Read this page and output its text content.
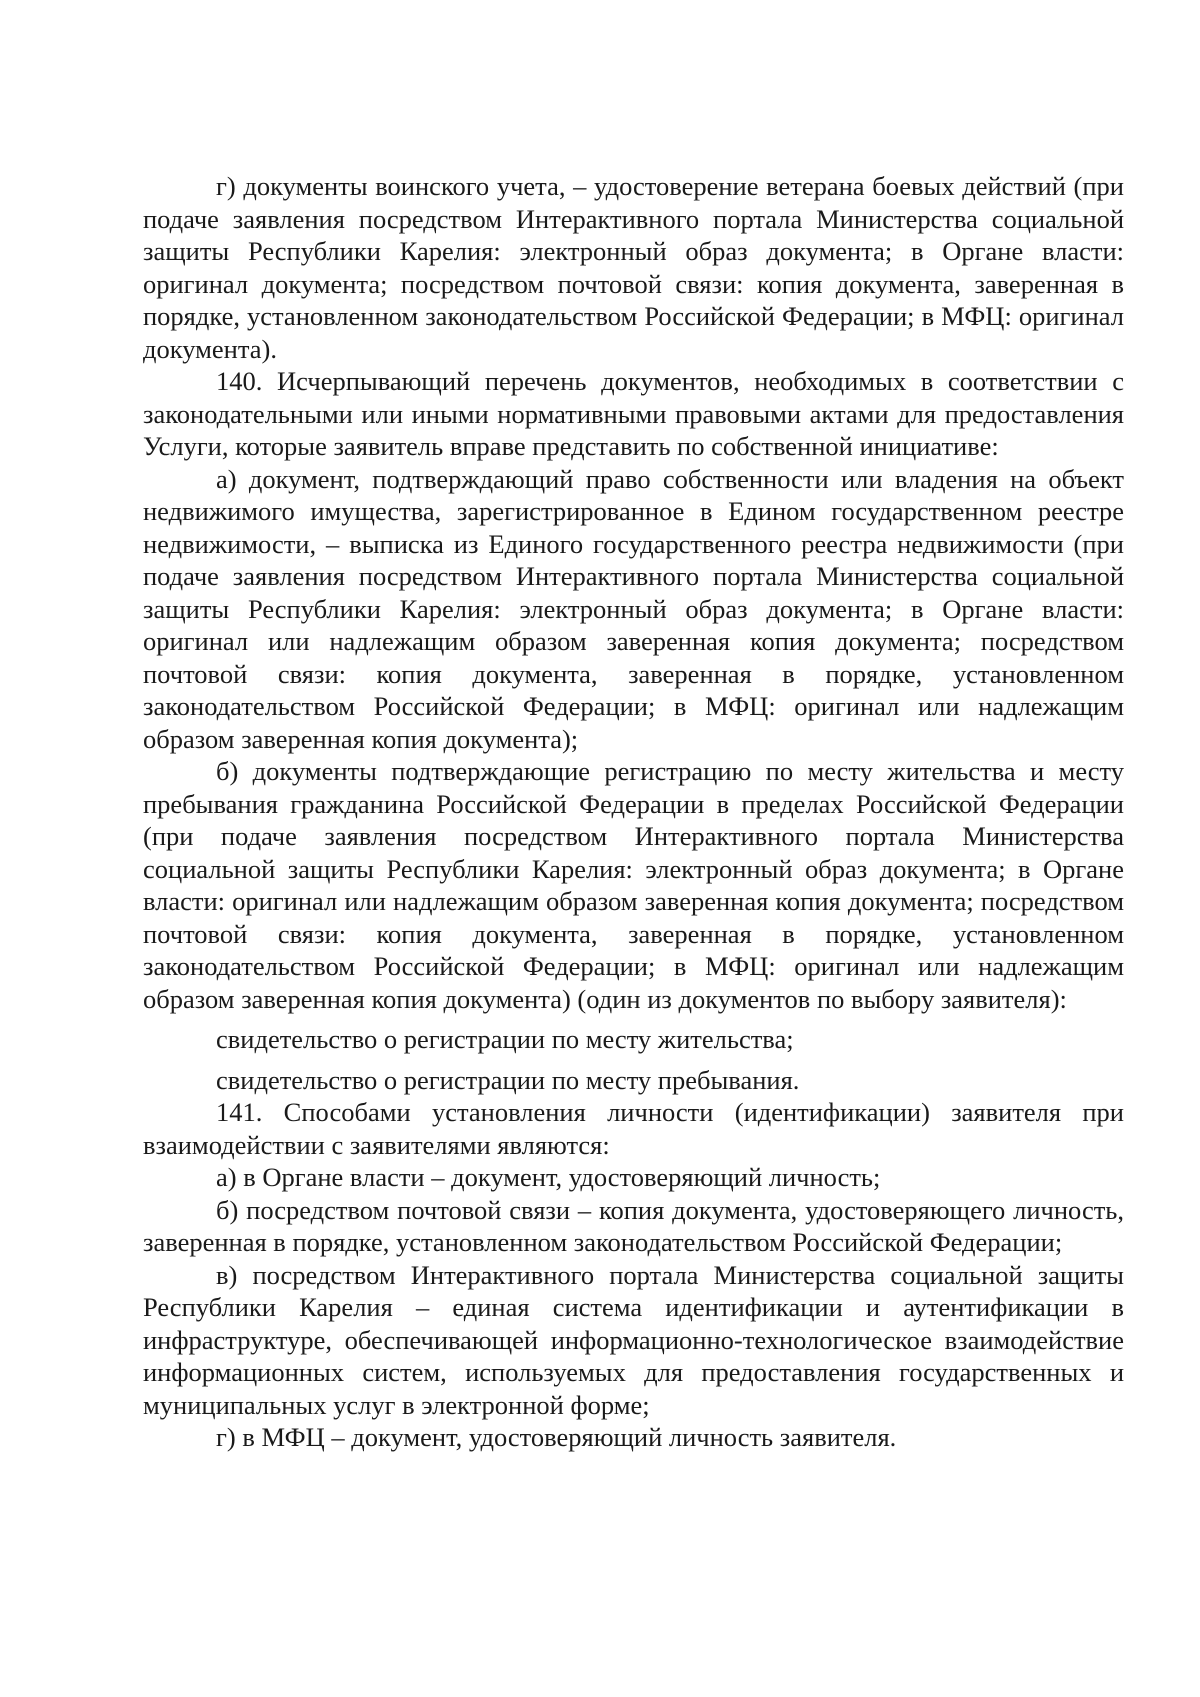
г) документы воинского учета, – удостоверение ветерана боевых действий (при подаче заявления посредством Интерактивного портала Министерства социальной защиты Республики Карелия: электронный образ документа; в Органе власти: оригинал документа; посредством почтовой связи: копия документа, заверенная в порядке, установленном законодательством Российской Федерации; в МФЦ: оригинал документа).

140. Исчерпывающий перечень документов, необходимых в соответствии с законодательными или иными нормативными правовыми актами для предоставления Услуги, которые заявитель вправе представить по собственной инициативе:

а) документ, подтверждающий право собственности или владения на объект недвижимого имущества, зарегистрированное в Едином государственном реестре недвижимости, – выписка из Единого государственного реестра недвижимости (при подаче заявления посредством Интерактивного портала Министерства социальной защиты Республики Карелия: электронный образ документа; в Органе власти: оригинал или надлежащим образом заверенная копия документа; посредством почтовой связи: копия документа, заверенная в порядке, установленном законодательством Российской Федерации; в МФЦ: оригинал или надлежащим образом заверенная копия документа);

б) документы подтверждающие регистрацию по месту жительства и месту пребывания гражданина Российской Федерации в пределах Российской Федерации (при подаче заявления посредством Интерактивного портала Министерства социальной защиты Республики Карелия: электронный образ документа; в Органе власти: оригинал или надлежащим образом заверенная копия документа; посредством почтовой связи: копия документа, заверенная в порядке, установленном законодательством Российской Федерации; в МФЦ: оригинал или надлежащим образом заверенная копия документа) (один из документов по выбору заявителя):

свидетельство о регистрации по месту жительства;

свидетельство о регистрации по месту пребывания.

141. Способами установления личности (идентификации) заявителя при взаимодействии с заявителями являются:

а) в Органе власти – документ, удостоверяющий личность;

б) посредством почтовой связи – копия документа, удостоверяющего личность, заверенная в порядке, установленном законодательством Российской Федерации;

в) посредством Интерактивного портала Министерства социальной защиты Республики Карелия – единая система идентификации и аутентификации в инфраструктуре, обеспечивающей информационно-технологическое взаимодействие информационных систем, используемых для предоставления государственных и муниципальных услуг в электронной форме;

г) в МФЦ – документ, удостоверяющий личность заявителя.
